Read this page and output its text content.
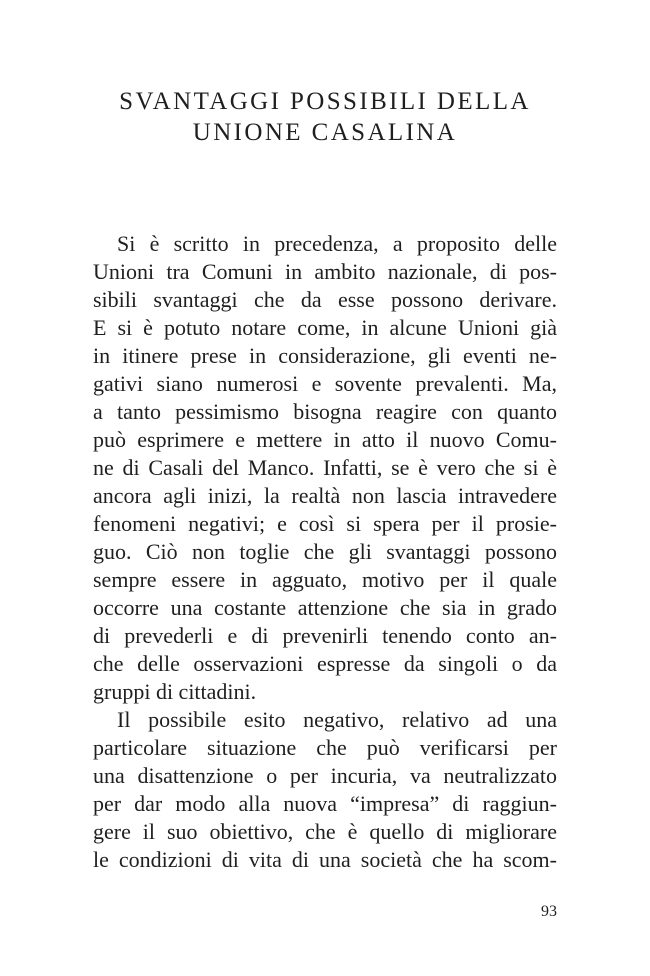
SVANTAGGI POSSIBILI DELLA
UNIONE CASALINA
Si è scritto in precedenza, a proposito delle
Unioni tra Comuni in ambito nazionale, di pos-
sibili svantaggi che da esse possono derivare.
E si è potuto notare come, in alcune Unioni già
in itinere prese in considerazione, gli eventi ne-
gativi siano numerosi e sovente prevalenti. Ma,
a tanto pessimismo bisogna reagire con quanto
può esprimere e mettere in atto il nuovo Comu-
ne di Casali del Manco. Infatti, se è vero che si è
ancora agli inizi, la realtà non lascia intravedere
fenomeni negativi; e così si spera per il prosie-
guo. Ciò non toglie che gli svantaggi possono
sempre essere in agguato, motivo per il quale
occorre una costante attenzione che sia in grado
di prevederli e di prevenirli tenendo conto an-
che delle osservazioni espresse da singoli o da
gruppi di cittadini.
Il possibile esito negativo, relativo ad una
particolare situazione che può verificarsi per
una disattenzione o per incuria, va neutralizzato
per dar modo alla nuova “impresa” di raggiun-
gere il suo obiettivo, che è quello di migliorare
le condizioni di vita di una società che ha scom-
93
